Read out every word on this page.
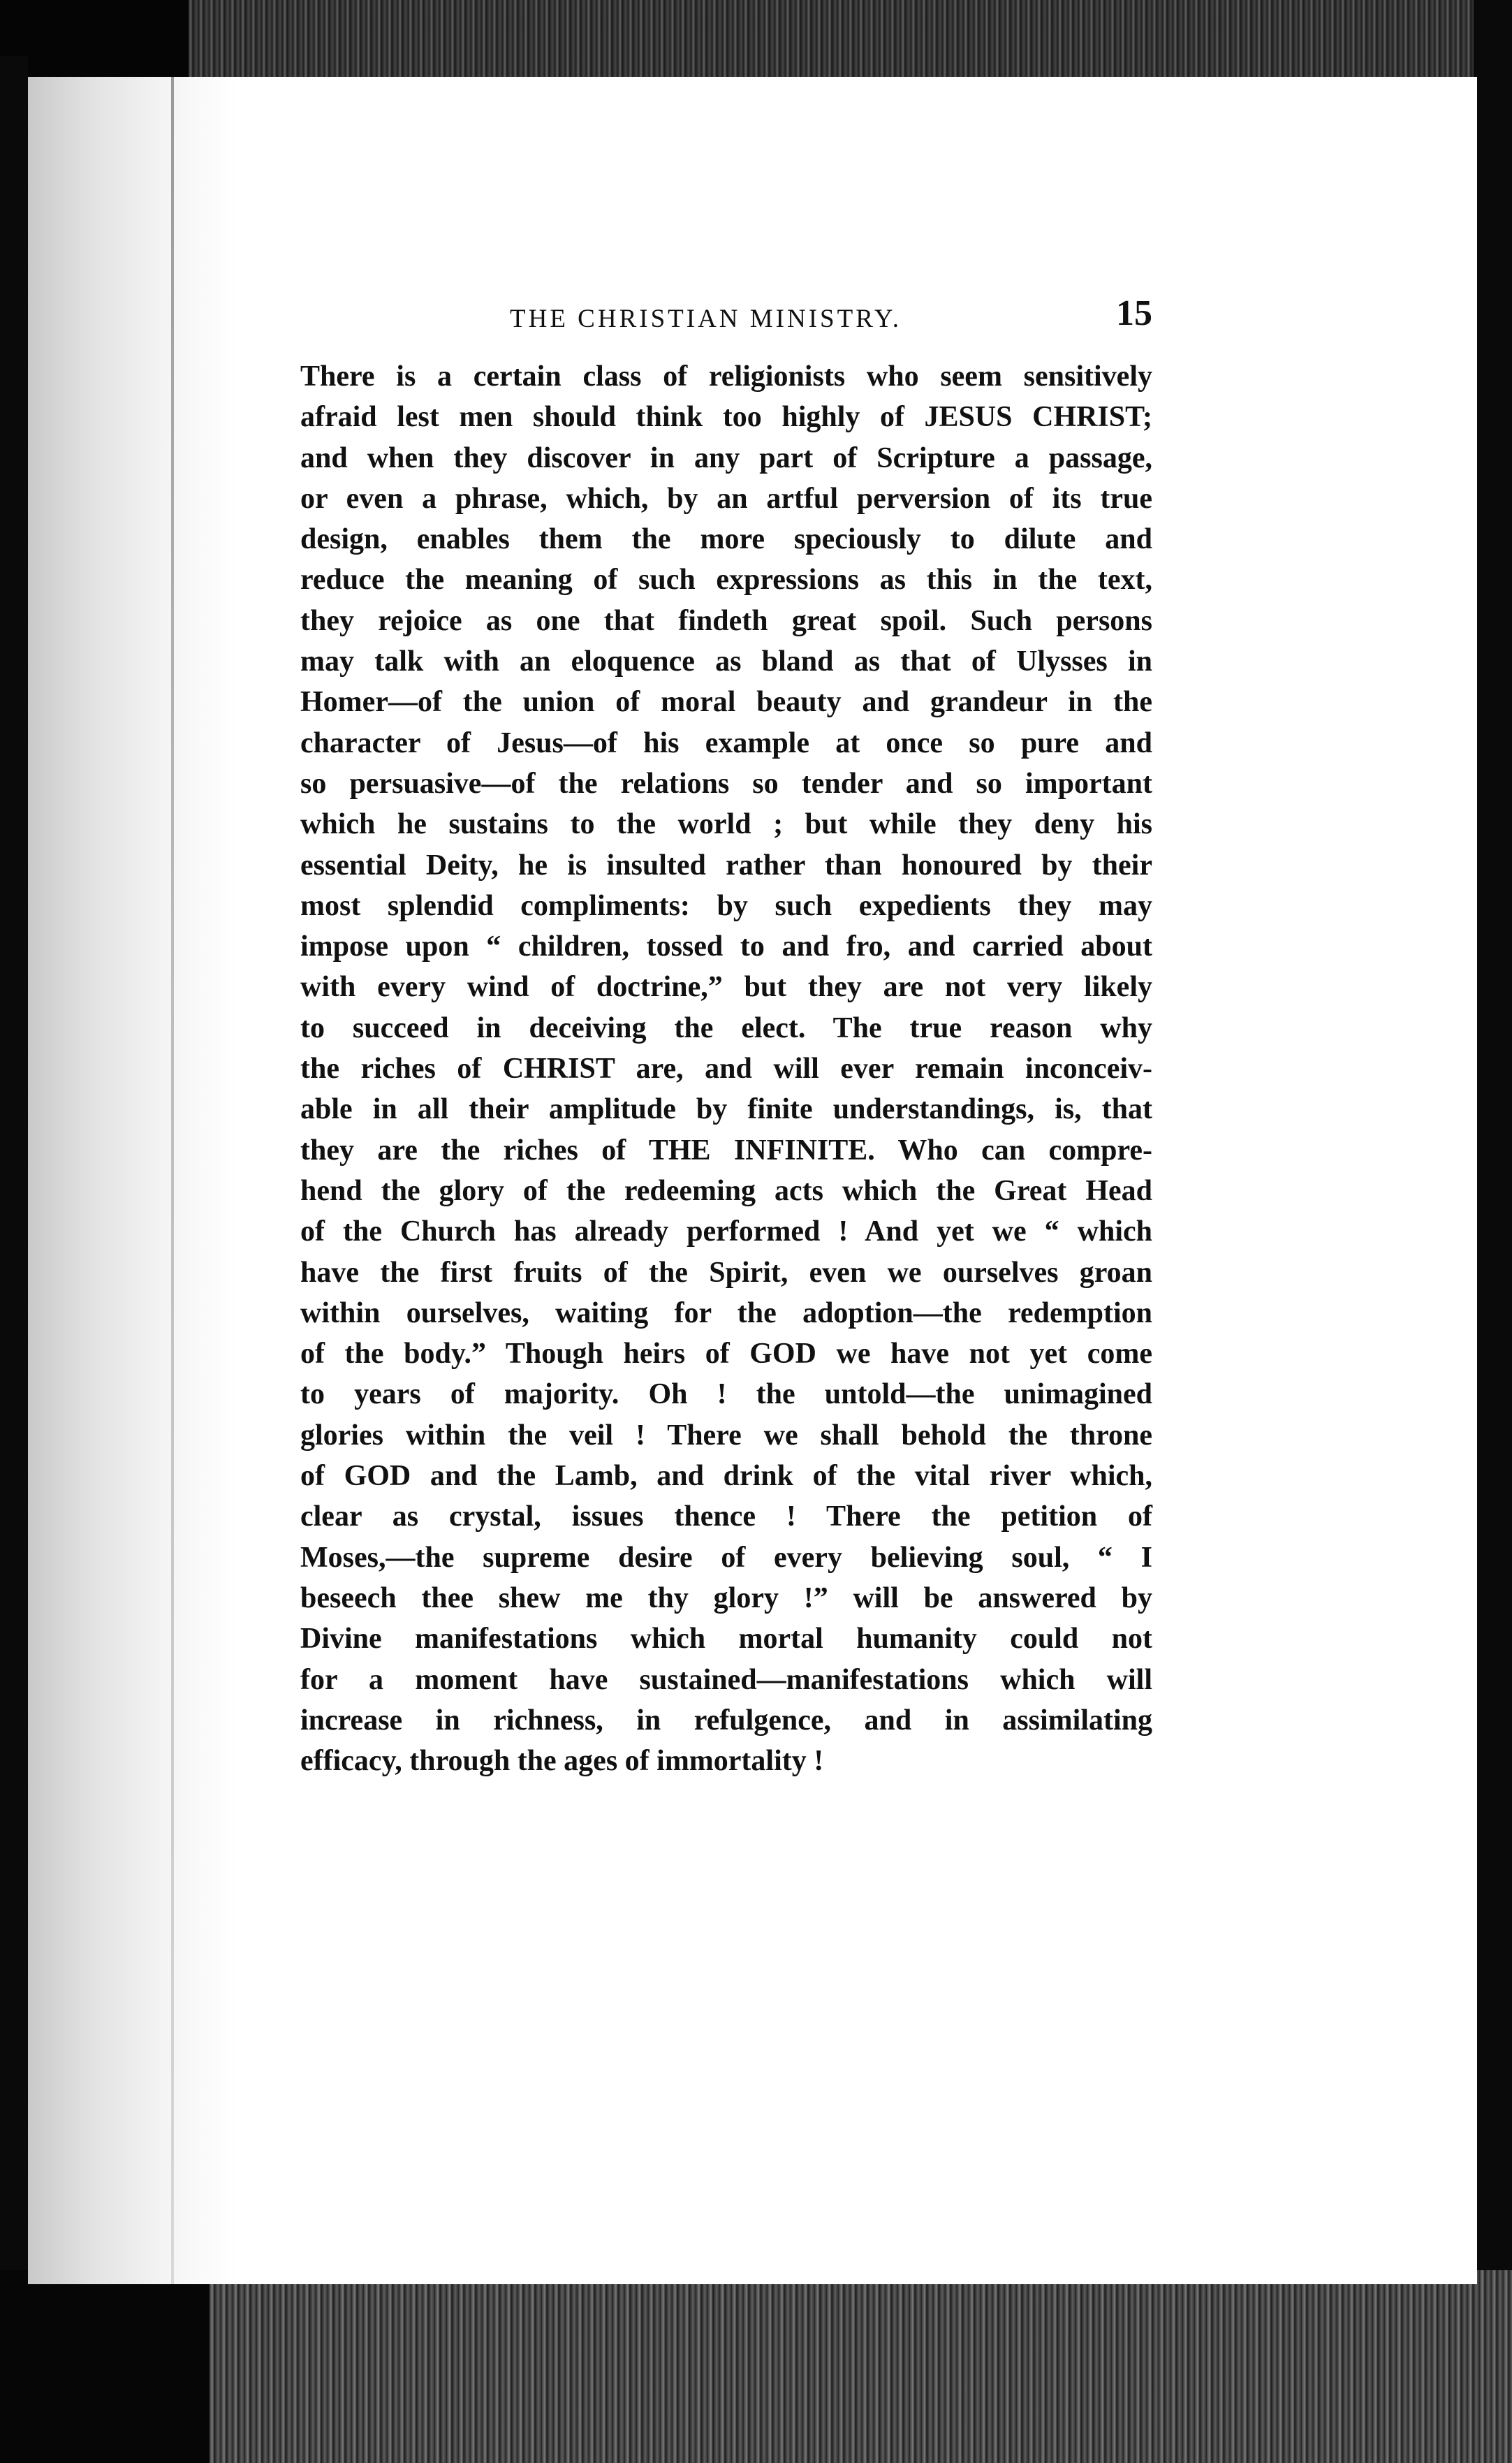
THE CHRISTIAN MINISTRY.	15
There is a certain class of religionists who seem sensitively
afraid lest men should think too highly of JESUS CHRIST;
and when they discover in any part of Scripture a passage,
or even a phrase, which, by an artful perversion of its true
design, enables them the more speciously to dilute and
reduce the meaning of such expressions as this in the text,
they rejoice as one that findeth great spoil. Such persons
may talk with an eloquence as bland as that of Ulysses in
Homer—of the union of moral beauty and grandeur in the
character of Jesus—of his example at once so pure and
so persuasive—of the relations so tender and so important
which he sustains to the world ; but while they deny his
essential Deity, he is insulted rather than honoured by their
most splendid compliments: by such expedients they may
impose upon “ children, tossed to and fro, and carried about
with every wind of doctrine,” but they are not very likely
to succeed in deceiving the elect. The true reason why
the riches of CHRIST are, and will ever remain inconceiv-
able in all their amplitude by finite understandings, is, that
they are the riches of THE INFINITE. Who can compre-
hend the glory of the redeeming acts which the Great Head
of the Church has already performed ! And yet we “ which
have the first fruits of the Spirit, even we ourselves groan
within ourselves, waiting for the adoption—the redemption
of the body.” Though heirs of GOD we have not yet come
to years of majority. Oh ! the untold—the unimagined
glories within the veil ! There we shall behold the throne
of GOD and the Lamb, and drink of the vital river which,
clear as crystal, issues thence ! There the petition of
Moses,—the supreme desire of every believing soul, “ I
beseech thee shew me thy glory !” will be answered by
Divine manifestations which mortal humanity could not
for a moment have sustained—manifestations which will
increase in richness, in refulgence, and in assimilating
efficacy, through the ages of immortality !
